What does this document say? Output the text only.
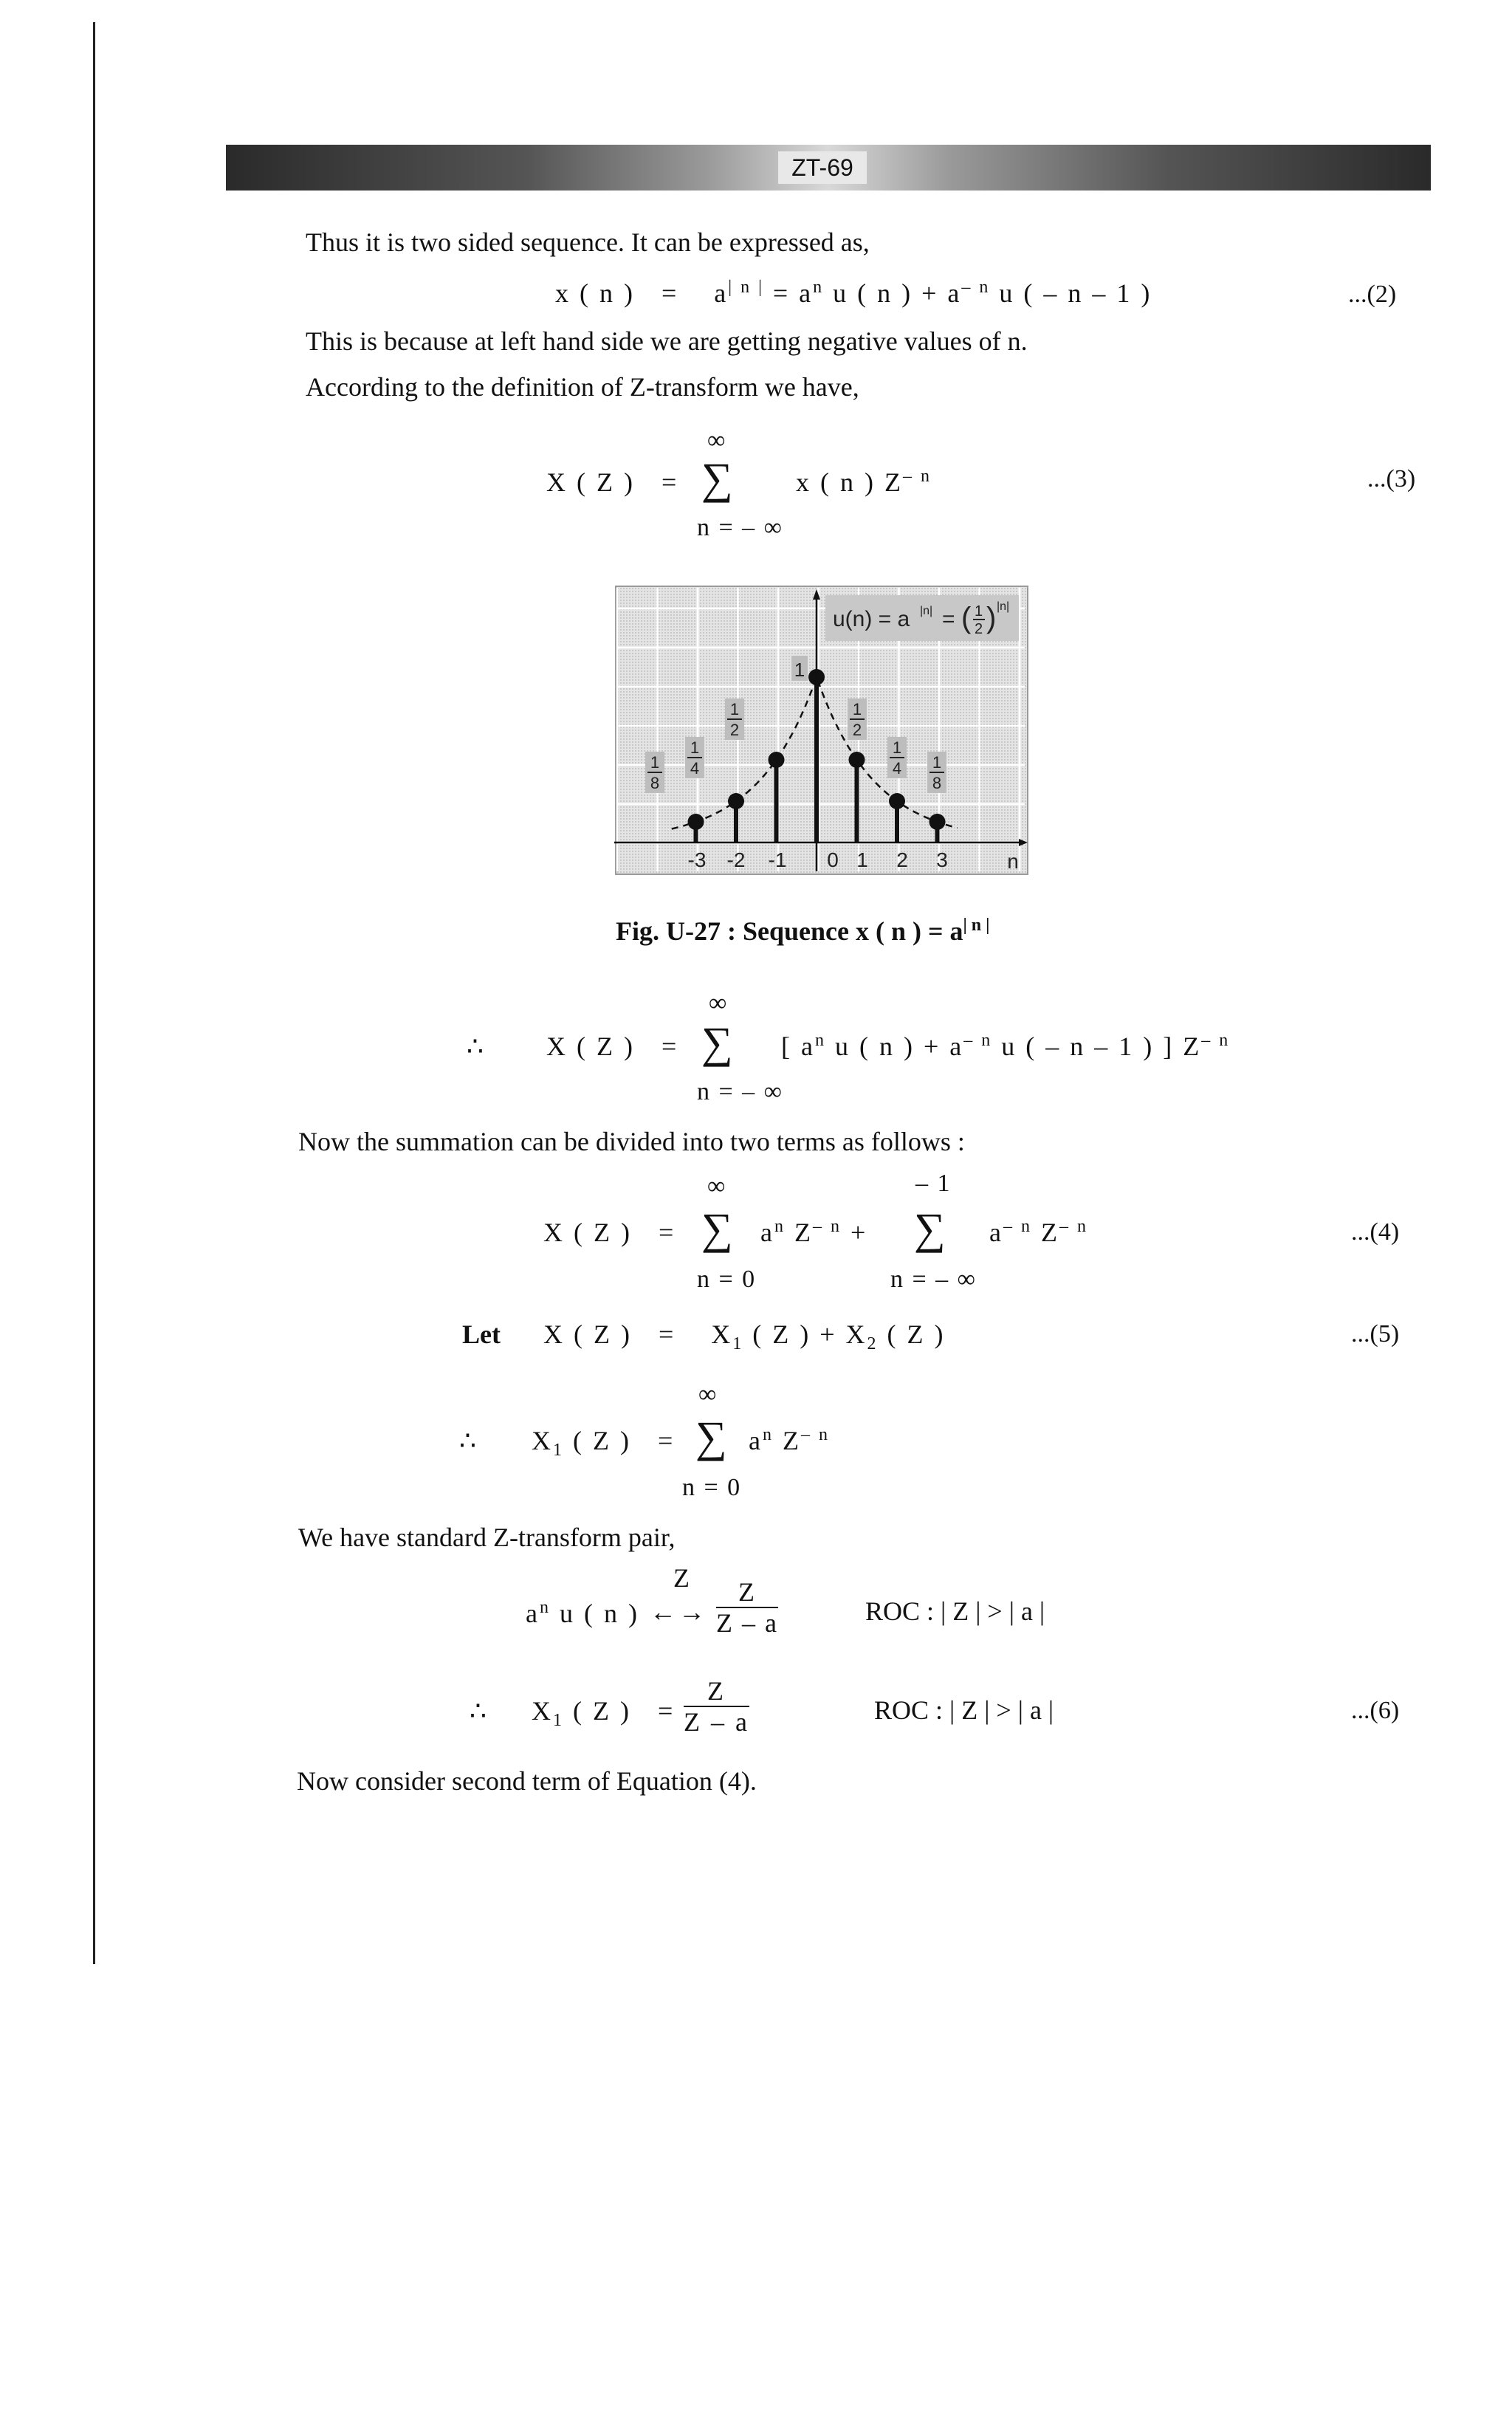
ZT-69
Thus it is two sided sequence. It can be expressed as,
x ( n )   =    $a^{| n |} = a^n$ u ( n ) + $a^{- n}$ u ( – n – 1 )	...(2)
This is because at left hand side we are getting negative values of n.
According to the definition of Z-transform we have,
∞
X ( Z )   = ∑ x ( n ) $Z^{- n}$
n = – ∞
...(3)
u(n) = a |n| = ( 1
2 ) |n|
-3 -2 -1 0 1 2 3	n
1
1
2
1
2
1
4
1
4
1
8
1
8
Fig. U-27 : Sequence x ( n ) = $a^{| n |}$
∞
∴ X ( Z )   = ∑ [ $a^n$ u ( n ) + $a^{- n}$ u ( – n – 1 ) ] $Z^{- n}$
n = – ∞
Now the summation can be divided into two terms as follows :
∞	– 1
X ( Z )   = ∑ $a^n$ $Z^{- n}$ + ∑ $a^{- n}$ $Z^{- n}$
n = 0	n = – ∞
...(4)
Let X ( Z )   =    $X_1$ ( Z ) + $X_2$ ( Z )	...(5)
∞
∴ $X_1$ ( Z )   = ∑ $a^n$ $Z^{- n}$
n = 0
We have standard Z-transform pair,
Z
$a^n$ u ( n ) ←→ $\frac{Z}{Z - a}$	ROC : | Z | > | a |
∴ $X_1$ ( Z )   = $\frac{Z}{Z - a}$	ROC : | Z | > | a |	...(6)
Now consider second term of Equation (4).
